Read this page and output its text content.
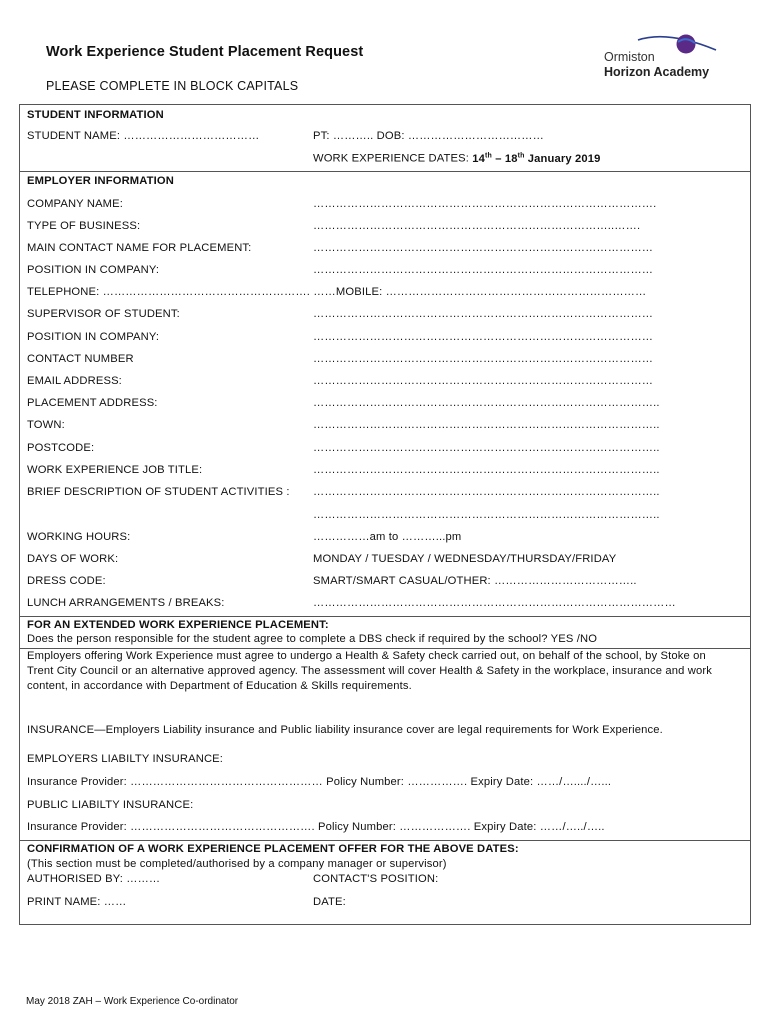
Work Experience Student Placement Request
PLEASE COMPLETE IN BLOCK CAPITALS
Ormiston
Horizon Academy
STUDENT INFORMATION
STUDENT NAME: ………………………………	PT: ……….. DOB: ………………………………
WORK EXPERIENCE DATES: 14th – 18th January 2019
EMPLOYER INFORMATION
COMPANY NAME:	……………………………………………………………………………….
TYPE OF BUSINESS:	……………………………………………………………………..…….
MAIN CONTACT NAME FOR PLACEMENT:	………………………………………………………………………………
POSITION IN COMPANY:	………………………………………………………………………………
TELEPHONE: ………………………………………………. ……MOBILE: ……………………………………………………………
SUPERVISOR OF STUDENT:	………………………………………………………………………………
POSITION IN COMPANY:	………………………………………………………………………………
CONTACT NUMBER	………………………………………………………………………………
EMAIL ADDRESS:	………………………………………………………………………………
PLACEMENT ADDRESS:	………………………………………………………………………………..
TOWN:	………………………………………………………………………………..
POSTCODE:	………………………………………………………………………………..
WORK EXPERIENCE JOB TITLE:	………………………………………………………………………………..
BRIEF DESCRIPTION OF STUDENT ACTIVITIES : ………………………………………………………………………………..
………………………………………………………………………………..
WORKING HOURS:	……………am to ………...pm
DAYS OF WORK:	MONDAY / TUESDAY / WEDNESDAY/THURSDAY/FRIDAY
DRESS CODE:	SMART/SMART CASUAL/OTHER: ………………………………..
LUNCH ARRANGEMENTS / BREAKS:	……………………………………………………………………………………
FOR AN EXTENDED WORK EXPERIENCE PLACEMENT:
Does the person responsible for the student agree to complete a DBS check if required by the school? YES /NO
Employers offering Work Experience must agree to undergo a Health & Safety check carried out, on behalf of the school, by Stoke on Trent City Council or an alternative approved agency. The assessment will cover Health & Safety in the workplace, insurance and work content, in accordance with Department of Education & Skills requirements.
INSURANCE—Employers Liability insurance and Public liability insurance cover are legal requirements for Work Experience.
EMPLOYERS LIABILTY INSURANCE:
Insurance Provider: …………………………………………… Policy Number: ……………. Expiry Date: ……/…..../…...
PUBLIC LIABILTY INSURANCE:
Insurance Provider: …………………………………………. Policy Number: ………………. Expiry Date: ……/…../…..
CONFIRMATION OF A WORK EXPERIENCE PLACEMENT OFFER FOR THE ABOVE DATES:
(This section must be completed/authorised by a company manager or supervisor)
AUTHORISED BY: ………	CONTACT'S POSITION:
PRINT NAME: ……	DATE:
May 2018 ZAH – Work Experience Co-ordinator
